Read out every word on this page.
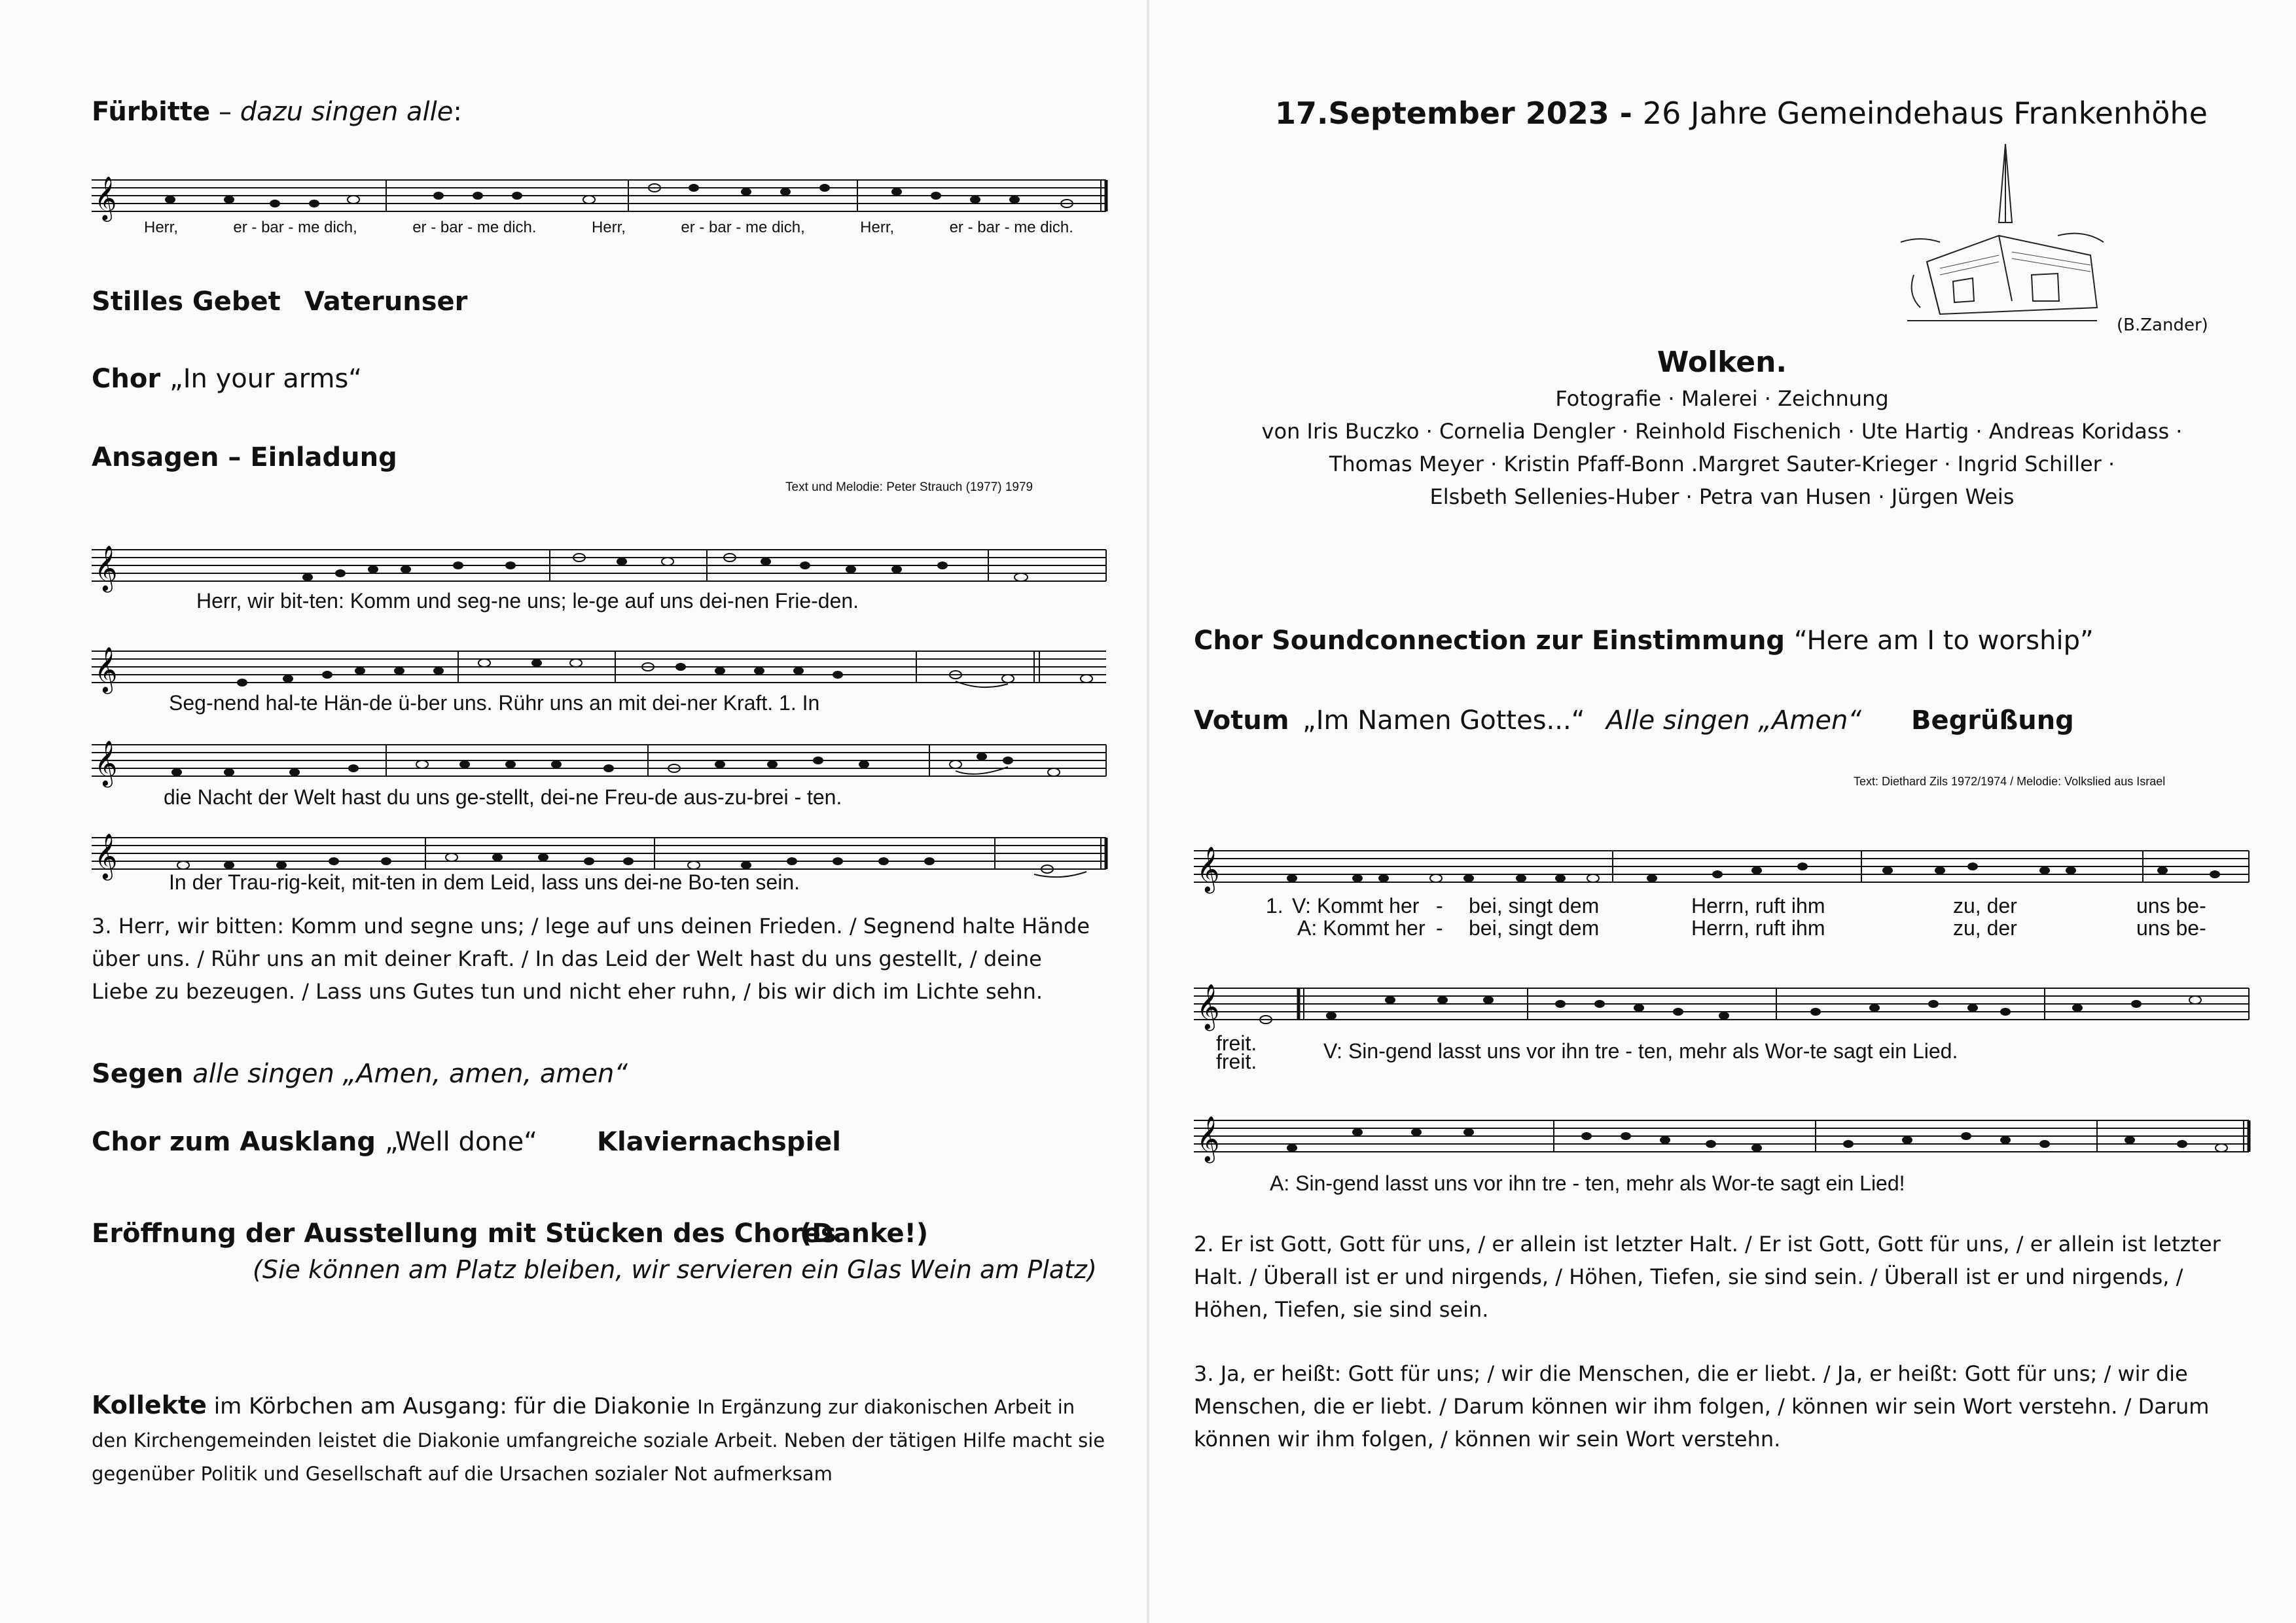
Fürbitte – dazu singen alle:
𝄞
Herr,	er - bar - me dich,	er - bar - me dich.	Herr,	er - bar - me dich,	Herr,	er - bar - me dich.
Stilles Gebet Vaterunser
Chor „In your arms“
Ansagen – Einladung
Text und Melodie: Peter Strauch (1977) 1979
𝄞
Herr, wir bit-ten: Komm und seg-ne uns; le-ge auf uns dei-nen Frie-den.
𝄞
Seg-nend hal-te Hän-de ü-ber uns. Rühr uns an mit dei-ner Kraft. 1. In
𝄞
die Nacht der Welt hast du uns ge-stellt, dei-ne Freu-de aus-zu-brei - ten.
𝄞
In der Trau-rig-keit, mit-ten in dem Leid, lass uns dei-ne Bo-ten sein.
3. Herr, wir bitten: Komm und segne uns; / lege auf uns deinen Frieden. / Segnend halte Hände über uns. / Rühr uns an mit deiner Kraft. / In das Leid der Welt hast du uns gestellt, / deine Liebe zu bezeugen. / Lass uns Gutes tun und nicht eher ruhn, / bis wir dich im Lichte sehn.
Segen alle singen „Amen, amen, amen“
Chor zum Ausklang „Well done“ Klaviernachspiel
Eröffnung der Ausstellung mit Stücken des Chores
(Danke!)
(Sie können am Platz bleiben, wir servieren ein Glas Wein am Platz)
Kollekte im Körbchen am Ausgang: für die Diakonie In Ergänzung zur diakonischen Arbeit in den Kirchengemeinden leistet die Diakonie umfangreiche soziale Arbeit. Neben der tätigen Hilfe macht sie gegenüber Politik und Gesellschaft auf die Ursachen sozialer Not aufmerksam
17.September 2023 - 26 Jahre Gemeindehaus Frankenhöhe
(B.Zander)
Wolken.
Fotografie · Malerei · Zeichnung
von Iris Buczko · Cornelia Dengler · Reinhold Fischenich · Ute Hartig · Andreas Koridass ·
Thomas Meyer · Kristin Pfaff-Bonn .Margret Sauter-Krieger · Ingrid Schiller ·
Elsbeth Sellenies-Huber · Petra van Husen · Jürgen Weis
Chor Soundconnection zur Einstimmung “Here am I to worship”
Votum „Im Namen Gottes...“ Alle singen „Amen“ Begrüßung
Text: Diethard Zils 1972/1974 / Melodie: Volkslied aus Israel
𝄞
1. V: Kommt her - bei, singt dem	Herrn, ruft ihm	zu, der	uns be-
A: Kommt her - bei, singt dem	Herrn, ruft ihm	zu, der	uns be-
𝄞
freit.
freit.	V: Sin-gend lasst uns vor ihn tre - ten, mehr als Wor-te sagt ein Lied.
𝄞
A: Sin-gend lasst uns vor ihn tre - ten, mehr als Wor-te sagt ein Lied!
2. Er ist Gott, Gott für uns, / er allein ist letzter Halt. / Er ist Gott, Gott für uns, / er allein ist letzter Halt. / Überall ist er und nirgends, / Höhen, Tiefen, sie sind sein. / Überall ist er und nirgends, / Höhen, Tiefen, sie sind sein.
3. Ja, er heißt: Gott für uns; / wir die Menschen, die er liebt. / Ja, er heißt: Gott für uns; / wir die Menschen, die er liebt. / Darum können wir ihm folgen, / können wir sein Wort verstehn. / Darum können wir ihm folgen, / können wir sein Wort verstehn.
